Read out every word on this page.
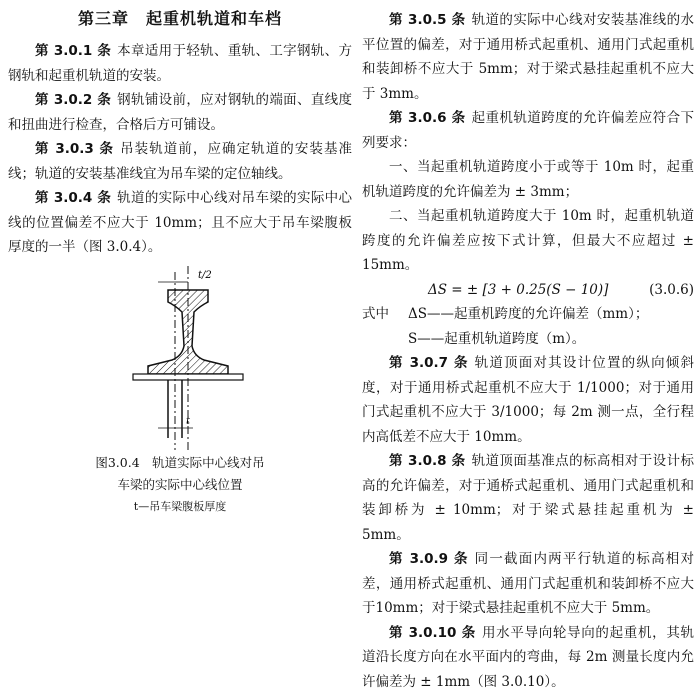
第三章　起重机轨道和车档

第 3.0.1 条 本章适用于轻轨、重轨、工字钢轨、方钢轨和起重机轨道的安装。

第 3.0.2 条 钢轨铺设前，应对钢轨的端面、直线度和扭曲进行检查，合格后方可铺设。

第 3.0.3 条 吊装轨道前，应确定轨道的安装基准线；轨道的安装基准线宜为吊车梁的定位轴线。

第 3.0.4 条 轨道的实际中心线对吊车梁的实际中心线的位置偏差不应大于 10mm；且不应大于吊车梁腹板厚度的一半（图 3.0.4）。

t/2
t
图3.0.4　轨道实际中心线对吊
车梁的实际中心线位置
t—吊车梁腹板厚度

第 3.0.5 条 轨道的实际中心线对安装基准线的水平位置的偏差，对于通用桥式起重机、通用门式起重机和装卸桥不应大于 5mm；对于梁式悬挂起重机不应大于 3mm。

第 3.0.6 条 起重机轨道跨度的允许偏差应符合下列要求：

一、当起重机轨道跨度小于或等于 10m 时，起重机轨道跨度的允许偏差为 ± 3mm；

二、当起重机轨道跨度大于 10m 时，起重机轨道跨度的允许偏差应按下式计算，但最大不应超过 ± 15mm。

ΔS = ± [3 + 0.25(S − 10)]	(3.0.6)

式中 ΔS——起重机跨度的允许偏差（mm）；

S——起重机轨道跨度（m）。

第 3.0.7 条 轨道顶面对其设计位置的纵向倾斜度，对于通用桥式起重机不应大于 1/1000；对于通用门式起重机不应大于 3/1000；每 2m 测一点，全行程内高低差不应大于 10mm。

第 3.0.8 条 轨道顶面基准点的标高相对于设计标高的允许偏差，对于通桥式起重机、通用门式起重机和装卸桥为 ± 10mm；对于梁式悬挂起重机为 ± 5mm。

第 3.0.9 条 同一截面内两平行轨道的标高相对差，通用桥式起重机、通用门式起重机和装卸桥不应大于10mm；对于梁式悬挂起重机不应大于 5mm。

第 3.0.10 条 用水平导向轮导向的起重机，其轨道沿长度方向在水平面内的弯曲，每 2m 测量长度内允许偏差为 ± 1mm（图 3.0.10）。
